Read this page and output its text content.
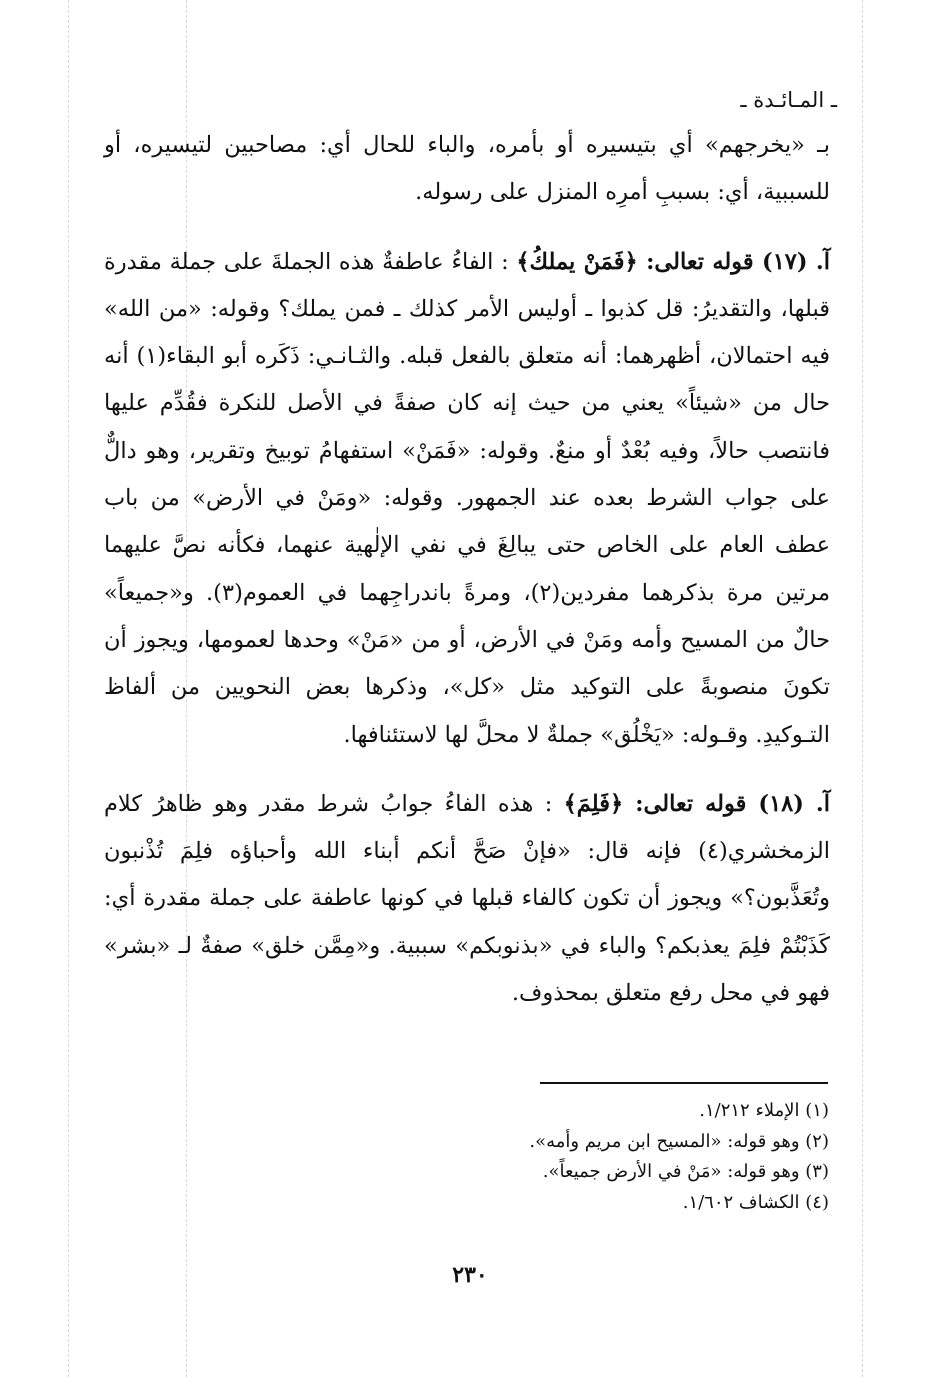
ـ المـائـدة ـ

بـ «يخرجهم» أي بتيسيره أو بأمره، والباء للحال أي: مصاحبين لتيسيره، أو للسببية، أي: بسببِ أمرِه المنزل على رسوله.

آ. (١٧) قوله تعالى: ﴿فَمَنْ يملكُ﴾ : الفاءُ عاطفةٌ هذه الجملةَ على جملة مقدرة قبلها، والتقديرُ: قل كذبوا ـ أوليس الأمر كذلك ـ فمن يملك؟ وقوله: «من الله» فيه احتمالان، أظهرهما: أنه متعلق بالفعل قبله. والثـانـي: ذَكَره أبو البقاء(١) أنه حال من «شيئاً» يعني من حيث إنه كان صفةً في الأصل للنكرة فقُدِّم عليها فانتصب حالاً، وفيه بُعْدٌ أو منعٌ. وقوله: «فَمَنْ» استفهامُ توبيخ وتقرير، وهو دالٌّ على جواب الشرط بعده عند الجمهور. وقوله: «ومَنْ في الأرض» من باب عطف العام على الخاص حتى يبالِغَ في نفي الإلٰهية عنهما، فكأنه نصَّ عليهما مرتين مرة بذكرهما مفردين(٢)، ومرةً باندراجِهما في العموم(٣). و«جميعاً» حالٌ من المسيح وأمه ومَنْ في الأرض، أو من «مَنْ» وحدها لعمومها، ويجوز أن تكونَ منصوبةً على التوكيد مثل «كل»، وذكرها بعض النحويين من ألفاظ التـوكيدِ. وقـوله: «يَخْلُق» جملةٌ لا محلَّ لها لاستئنافها.

آ. (١٨) قوله تعالى: ﴿فَلِمَ﴾ : هذه الفاءُ جوابُ شرط مقدر وهو ظاهرُ كلام الزمخشري(٤) فإنه قال: «فإنْ صَحَّ أنكم أبناء الله وأحباؤه فلِمَ تُذْنبون وتُعَذَّبون؟» ويجوز أن تكون كالفاء قبلها في كونها عاطفة على جملة مقدرة أي: كَذَبْتُمْ فلِمَ يعذبكم؟ والباء في «بذنوبكم» سببية. و«مِمَّن خلق» صفةٌ لـ «بشر» فهو في محل رفع متعلق بمحذوف.

(١) الإملاء ١/٢١٢.
(٢) وهو قوله: «المسيح ابن مريم وأمه».
(٣) وهو قوله: «مَنْ في الأرض جميعاً».
(٤) الكشاف ١/٦٠٢.
٢٣٠
